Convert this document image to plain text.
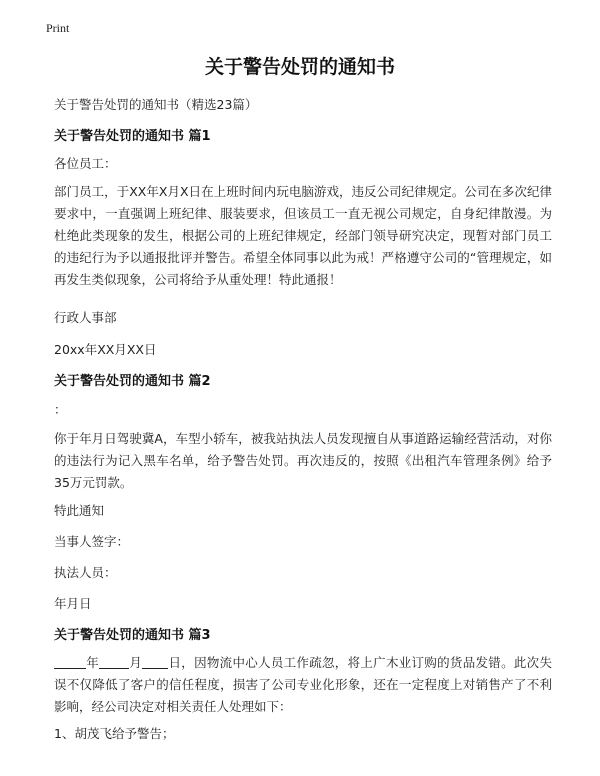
Print
关于警告处罚的通知书
关于警告处罚的通知书（精选23篇）
关于警告处罚的通知书 篇1
各位员工：
部门员工，于XX年X月X日在上班时间内玩电脑游戏，违反公司纪律规定。公司在多次纪律要求中，一直强调上班纪律、服装要求，但该员工一直无视公司规定，自身纪律散漫。为杜绝此类现象的发生，根据公司的上班纪律规定，经部门领导研究决定，现暂对部门员工的违纪行为予以通报批评并警告。希望全体同事以此为戒！严格遵守公司的“管理规定，如再发生类似现象，公司将给予从重处理！特此通报！
行政人事部
20xx年XX月XX日
关于警告处罚的通知书 篇2
：
你于年月日驾驶冀A，车型小轿车，被我站执法人员发现擅自从事道路运输经营活动，对你的违法行为记入黑车名单，给予警告处罚。再次违反的，按照《出租汽车管理条例》给予35万元罚款。
特此通知
当事人签字：
执法人员：
年月日
关于警告处罚的通知书 篇3
年 月 日，因物流中心人员工作疏忽，将上广木业订购的货品发错。此次失误不仅降低了客户的信任程度，损害了公司专业化形象，还在一定程度上对销售产了不利影响，经公司决定对相关责任人处理如下：
1、胡茂飞给予警告；
